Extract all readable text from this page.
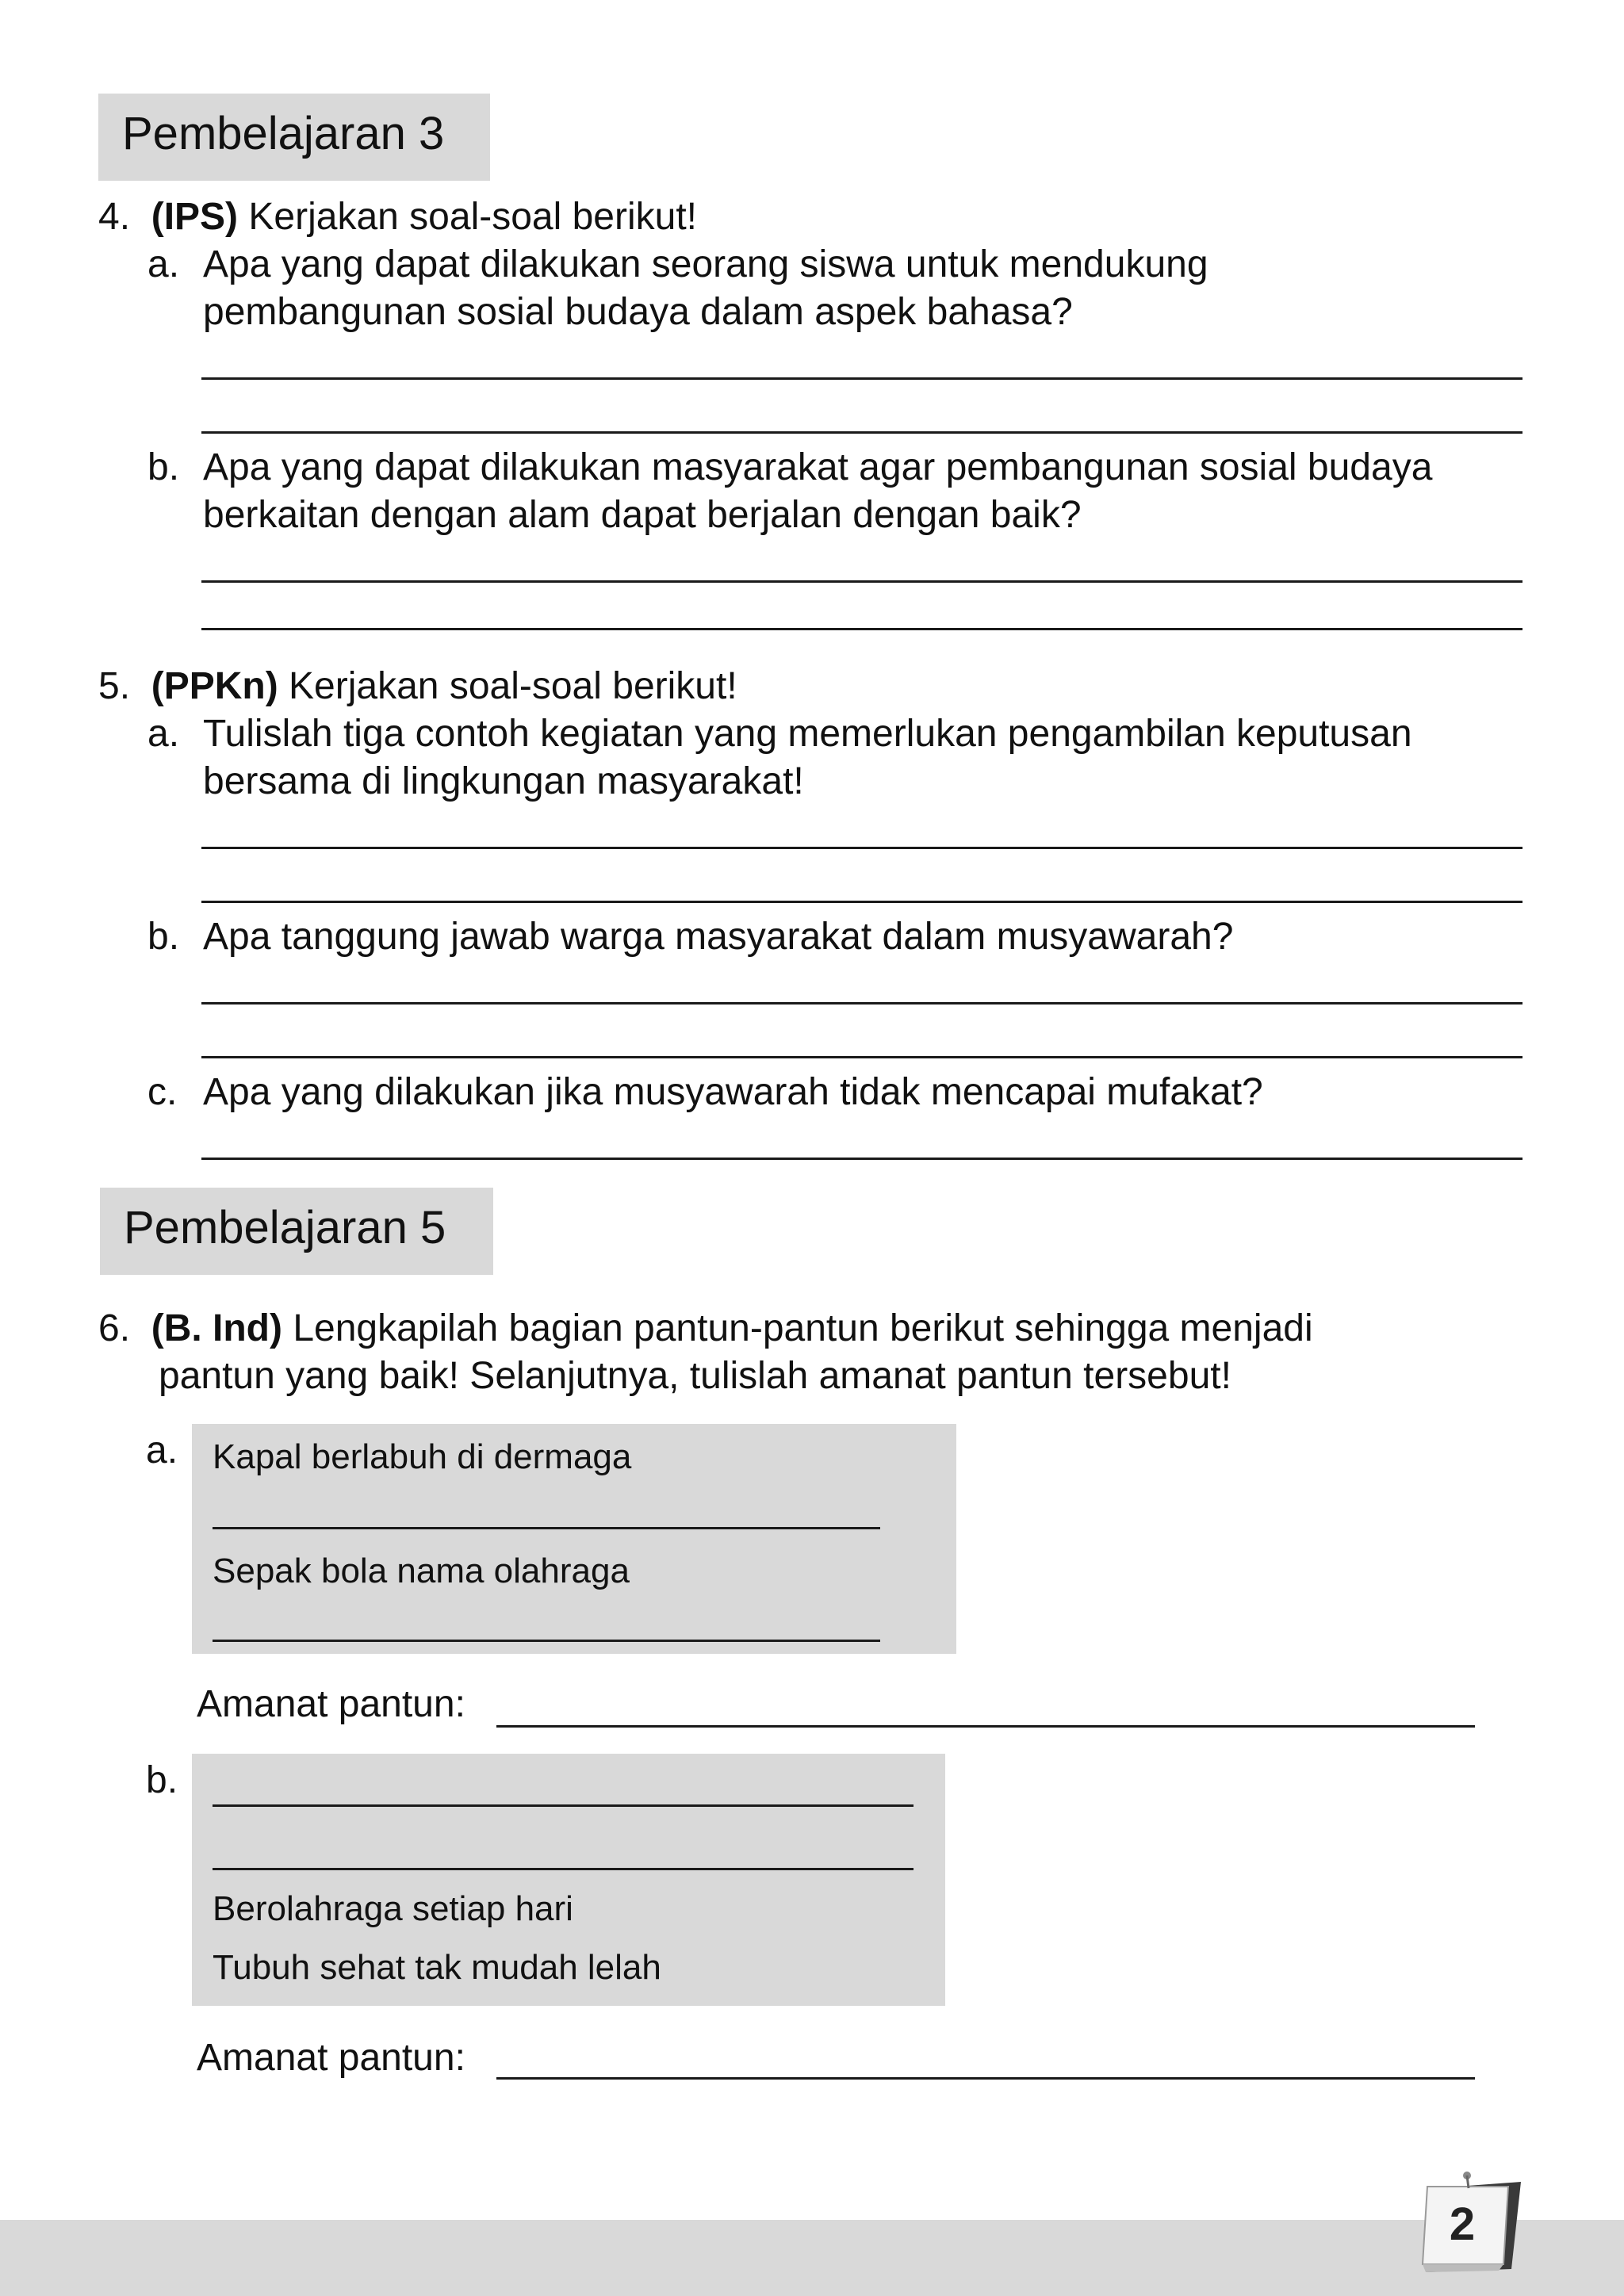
Pembelajaran 3
4. (IPS) Kerjakan soal-soal berikut!
a. Apa yang dapat dilakukan seorang siswa untuk mendukung
pembangunan sosial budaya dalam aspek bahasa?
b. Apa yang dapat dilakukan masyarakat agar pembangunan sosial budaya
berkaitan dengan alam dapat berjalan dengan baik?
5. (PPKn) Kerjakan soal-soal berikut!
a. Tulislah tiga contoh kegiatan yang memerlukan pengambilan keputusan
bersama di lingkungan masyarakat!
b. Apa tanggung jawab warga masyarakat dalam musyawarah?
c. Apa yang dilakukan jika musyawarah tidak mencapai mufakat?
Pembelajaran 5
6. (B. Ind) Lengkapilah bagian pantun-pantun berikut sehingga menjadi
pantun yang baik! Selanjutnya, tulislah amanat pantun tersebut!
a. Kapal berlabuh di dermaga
Sepak bola nama olahraga
Amanat pantun:
b.
Berolahraga setiap hari
Tubuh sehat tak mudah lelah
Amanat pantun:
2
